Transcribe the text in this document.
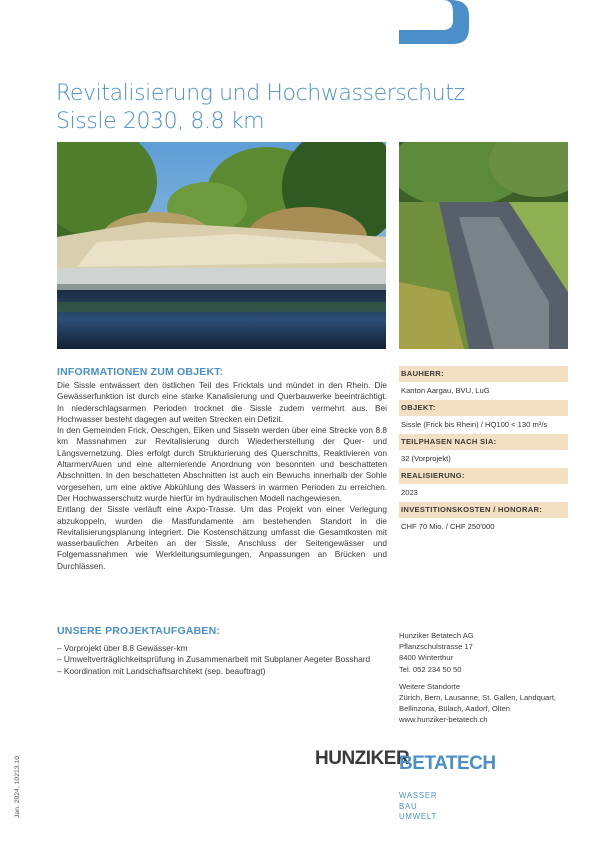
Revitalisierung und Hochwasserschutz
Sissle 2030, 8.8 km
INFORMATIONEN ZUM OBJEKT:

Die Sissle entwässert den östlichen Teil des Fricktals und mündet in den Rhein. Die Gewässerfunktion ist durch eine starke Kanalisierung und Querbauwerke beeinträchtigt. In niederschlagsarmen Perioden trocknet die Sissle zudem vermehrt aus. Bei Hochwasser besteht dagegen auf weiten Strecken ein Defizit.

In den Gemeinden Frick, Oeschgen, Eiken und Sisseln werden über eine Strecke von 8.8 km Massnahmen zur Revitalisierung durch Wiederherstellung der Quer- und Längsvernetzung. Dies erfolgt durch Strukturierung des Querschnitts, Reaktivieren von Altarmen/Auen und eine alternierende Anordnung von besonnten und beschatteten Abschnitten. In den beschatteten Abschnitten ist auch ein Bewuchs innerhalb der Sohle vorgesehen, um eine aktive Abkühlung des Wassers in warmen Perioden zu erreichen. Der Hochwasserschutz wurde hierfür im hydraulischen Modell nachgewiesen.

Entlang der Sissle verläuft eine Axpo-Trasse. Um das Projekt von einer Verlegung abzukoppeln, wurden die Mastfundamente am bestehenden Standort in die Revitalisierungsplanung integriert. Die Kostenschätzung umfasst die Gesamtkosten mit wasserbaulichen Arbeiten an der Sissle, Anschluss der Seitengewässer und Folgemassnahmen wie Werkleitungsumlegungen, Anpassungen an Brücken und Durchlässen.

BAUHERR:
Kanton Aargau, BVU, LuG
OBJEKT:
Sissle (Frick bis Rhein) / HQ100 < 130 m³/s
TEILPHASEN NACH SIA:
32 (Vorprojekt)
REALISIERUNG:
2023
INVESTITIONSKOSTEN / HONORAR:
CHF 70 Mio. / CHF 250'000
UNSERE PROJEKTAUFGABEN:
– Vorprojekt über 8.8 Gewässer-km
– Umweltverträglichkeitsprüfung in Zusammenarbeit mit Subplaner Aegeter Bosshard
– Koordination mit Landschaftsarchitekt (sep. beauftragt)
Hunziker Betatech AG
Pflanzschulstrasse 17
8400 Winterthur
Tel. 052 234 50 50
Weitere Standorte
Zürich, Bern, Lausanne, St. Gallen, Landquart, Bellinzona, Bülach, Aadorf, Olten
www.hunziker-betatech.ch
HUNZIKER
BETATECH
WASSER
BAU
UMWELT
Jan. 2024, 10213.10
